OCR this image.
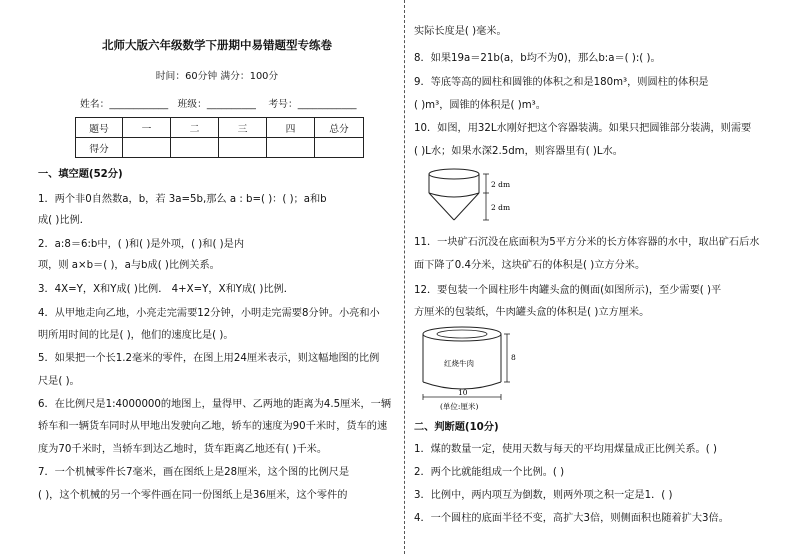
北师大版六年级数学下册期中易错题型专练卷
时间：60分钟 满分：100分
姓名：____________   班级：__________    考号：____________
题号	一	二	三	四	总分
得分					
一、填空题(52分)
1．两个非0自然数a，b，若 3a=5b,那么 a : b=( )：( )；a和b
成( )比例．
2．a:8＝6:b中，( )和( )是外项，( )和( )是内
项，则 a×b＝( )，a与b成( )比例关系。
3．4X=Y，X和Y成( )比例． 4+X=Y，X和Y成( )比例．
4．从甲地走向乙地，小亮走完需要12分钟，小明走完需要8分钟。小亮和小
明所用时间的比是( )，他们的速度比是( )。
5．如果把一个长1.2毫米的零件，在图上用24厘米表示，则这幅地图的比例
尺是( )。
6．在比例尺是1:4000000的地图上，量得甲、乙两地的距离为4.5厘米，一辆
轿车和一辆货车同时从甲地出发驶向乙地，轿车的速度为90千米时，货车的速
度为70千米时，当轿车到达乙地时，货车距离乙地还有( )千米。
7．一个机械零件长7毫米，画在图纸上是28厘米，这个图的比例尺是
( )，这个机械的另一个零件画在同一份图纸上是36厘米，这个零件的
实际长度是( )毫米。
8．如果19a＝21b(a，b均不为0)，那么b:a＝( ):( )。
9．等底等高的圆柱和圆锥的体积之和是180m³，则圆柱的体积是
( )m³，圆锥的体积是( )m³。
10．如图，用32L水刚好把这个容器装满。如果只把圆锥部分装满，则需要
( )L水；如果水深2.5dm，则容器里有( )L水。
2 dm
2 dm
11．一块矿石沉没在底面积为5平方分米的长方体容器的水中，取出矿石后水
面下降了0.4分米，这块矿石的体积是( )立方分米。
12．要包装一个圆柱形牛肉罐头盒的侧面(如图所示)，至少需要( )平
方厘米的包装纸，牛肉罐头盒的体积是( )立方厘米。
红烧牛肉
8
10
(单位:厘米)
二、判断题(10分)
1．煤的数量一定，使用天数与每天的平均用煤量成正比例关系。( )
2．两个比就能组成一个比例。( )
3．比例中，两内项互为倒数，则两外项之积一定是1．( )
4．一个圆柱的底面半径不变，高扩大3倍，则侧面积也随着扩大3倍。
